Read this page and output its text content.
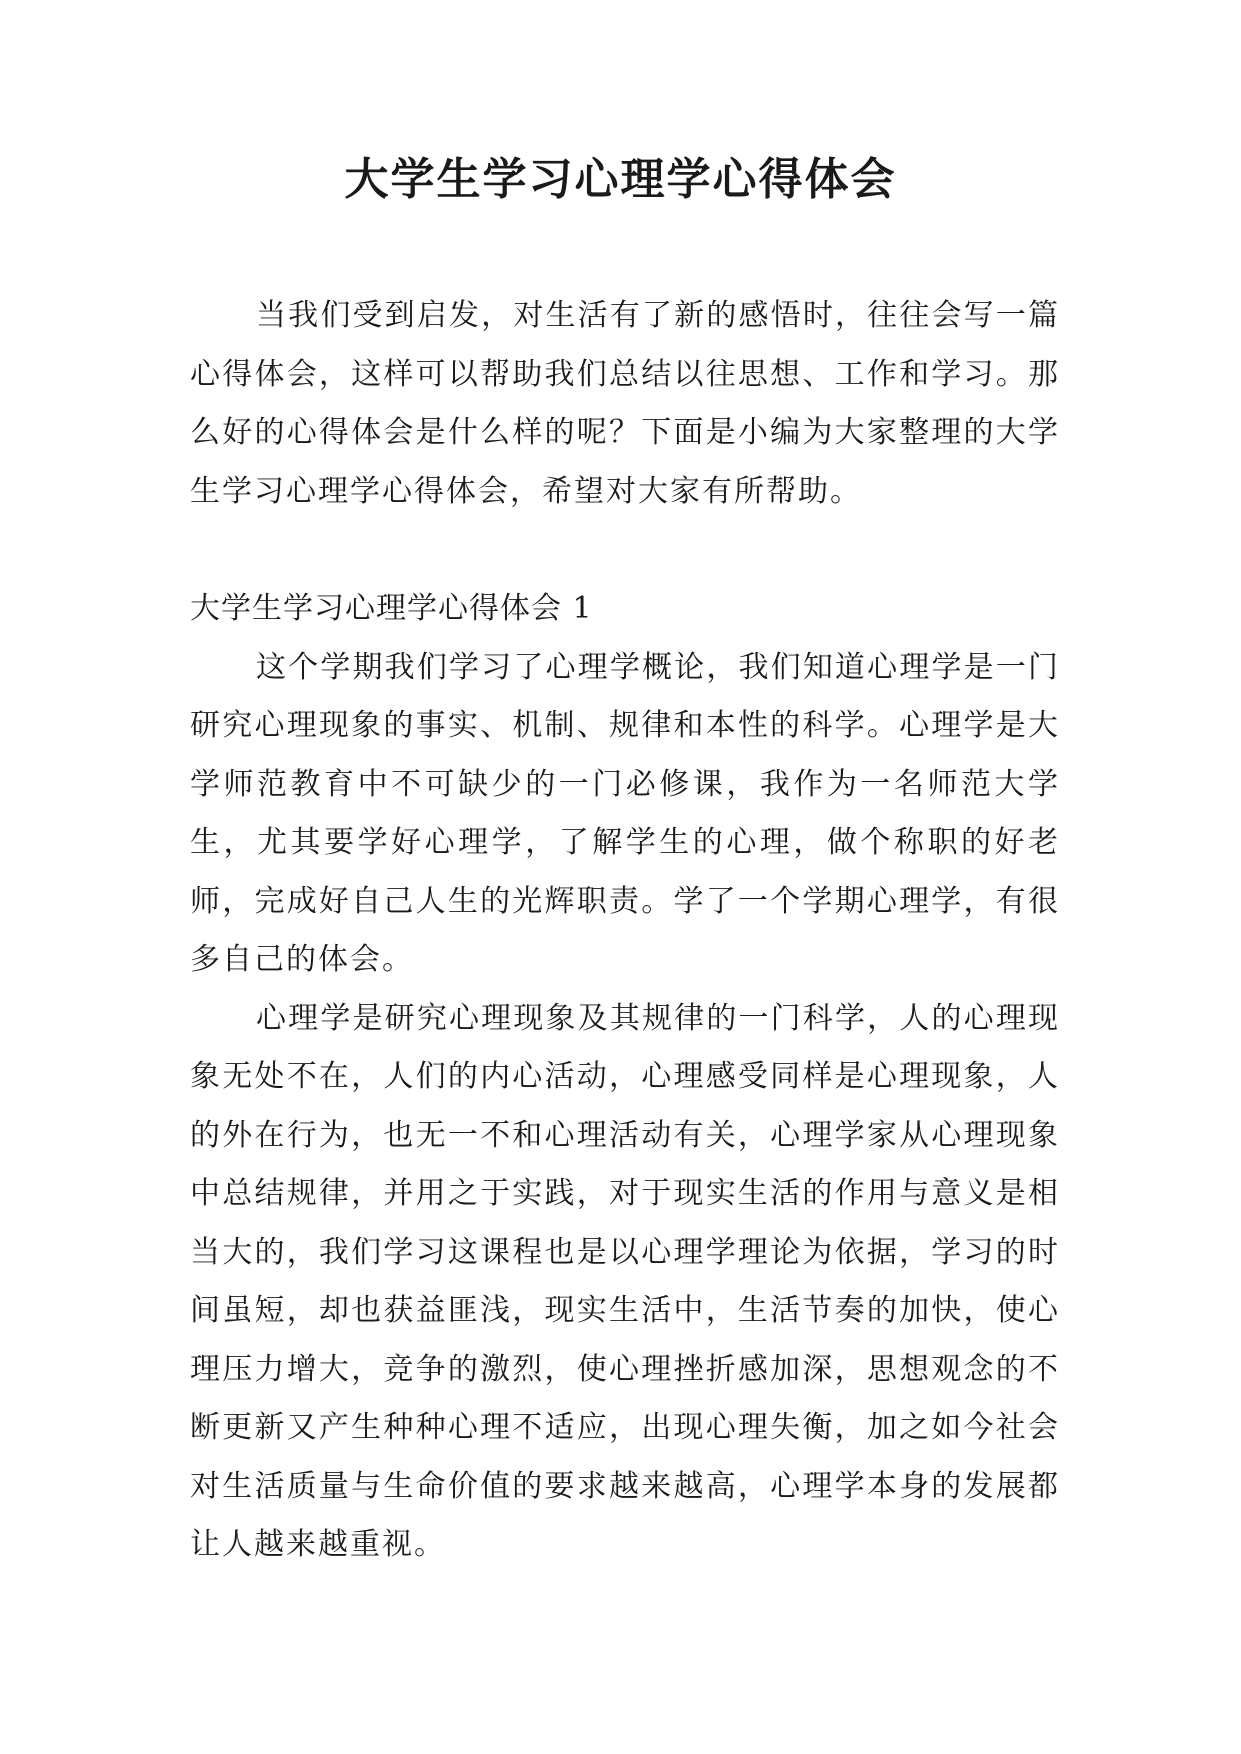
大学生学习心理学心得体会

当我们受到启发，对生活有了新的感悟时，往往会写一篇心得体会，这样可以帮助我们总结以往思想、工作和学习。那么好的心得体会是什么样的呢？下面是小编为大家整理的大学生学习心理学心得体会，希望对大家有所帮助。

大学生学习心理学心得体会 1

这个学期我们学习了心理学概论，我们知道心理学是一门研究心理现象的事实、机制、规律和本性的科学。心理学是大学师范教育中不可缺少的一门必修课，我作为一名师范大学生，尤其要学好心理学，了解学生的心理，做个称职的好老师，完成好自己人生的光辉职责。学了一个学期心理学，有很多自己的体会。

心理学是研究心理现象及其规律的一门科学，人的心理现象无处不在，人们的内心活动，心理感受同样是心理现象，人的外在行为，也无一不和心理活动有关，心理学家从心理现象中总结规律，并用之于实践，对于现实生活的作用与意义是相当大的，我们学习这课程也是以心理学理论为依据，学习的时间虽短，却也获益匪浅，现实生活中，生活节奏的加快，使心理压力增大，竞争的激烈，使心理挫折感加深，思想观念的不断更新又产生种种心理不适应，出现心理失衡，加之如今社会对生活质量与生命价值的要求越来越高，心理学本身的发展都让人越来越重视。
